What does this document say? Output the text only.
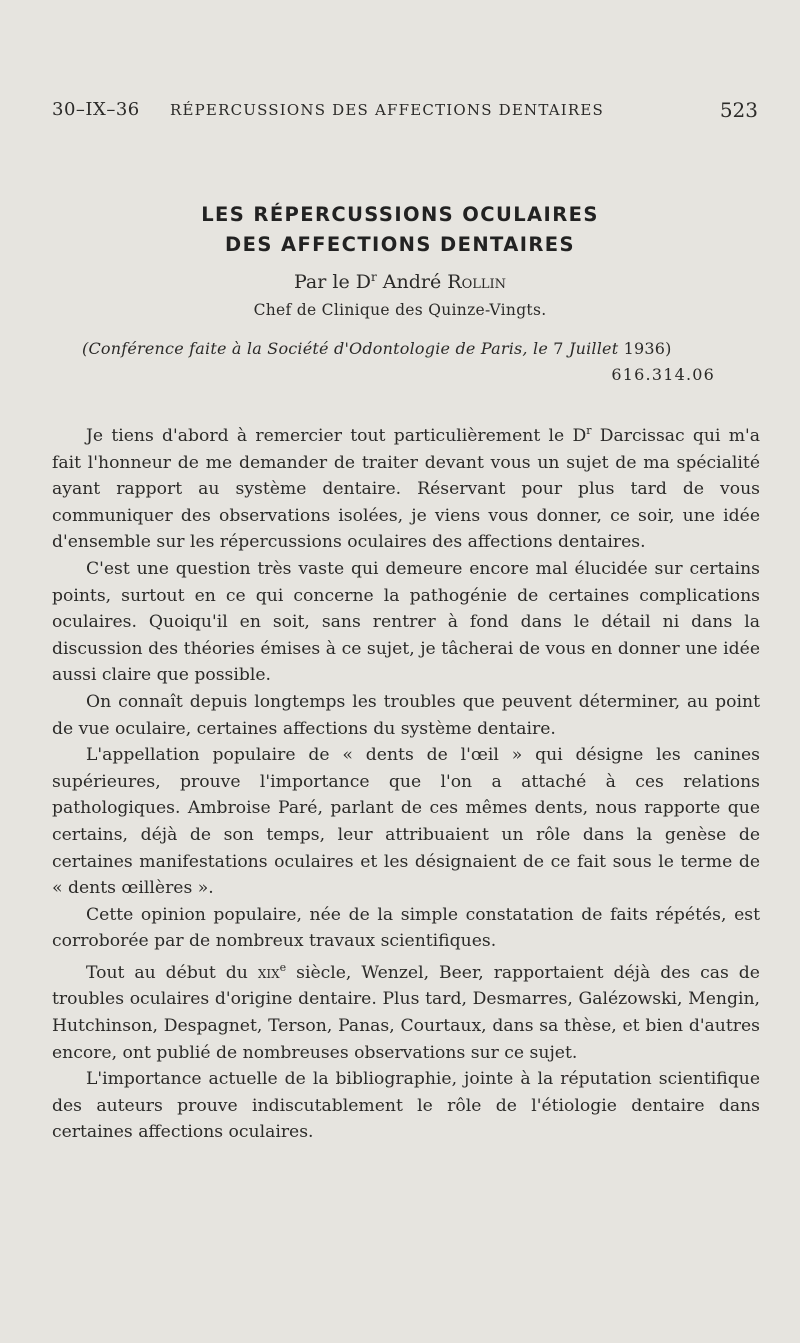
30–IX–36 RÉPERCUSSIONS DES AFFECTIONS DENTAIRES	523
LES RÉPERCUSSIONS OCULAIRES
DES AFFECTIONS DENTAIRES
Par le $D^r$ André Rollin
Chef de Clinique des Quinze-Vingts.
(Conférence faite à la Société d'Odontologie de Paris, le 7 Juillet 1936)
616.314.06

Je tiens d'abord à remercier tout particulièrement le $D^r$ Darcissac qui m'a fait l'honneur de me demander de traiter devant vous un sujet de ma spécialité ayant rapport au système dentaire. Réservant pour plus tard de vous communiquer des observations isolées, je viens vous donner, ce soir, une idée d'ensemble sur les répercussions oculaires des affections dentaires.

C'est une question très vaste qui demeure encore mal élucidée sur certains points, surtout en ce qui concerne la pathogénie de certaines complications oculaires. Quoiqu'il en soit, sans rentrer à fond dans le détail ni dans la discussion des théories émises à ce sujet, je tâcherai de vous en donner une idée aussi claire que possible.

On connaît depuis longtemps les troubles que peuvent déterminer, au point de vue oculaire, certaines affections du système dentaire.

L'appellation populaire de « dents de l'œil » qui désigne les canines supérieures, prouve l'importance que l'on a attaché à ces relations pathologiques. Ambroise Paré, parlant de ces mêmes dents, nous rapporte que certains, déjà de son temps, leur attribuaient un rôle dans la genèse de certaines manifestations oculaires et les désignaient de ce fait sous le terme de « dents œillères ».

Cette opinion populaire, née de la simple constatation de faits répétés, est corroborée par de nombreux travaux scientifiques.

Tout au début du xix$^e$ siècle, Wenzel, Beer, rapportaient déjà des cas de troubles oculaires d'origine dentaire. Plus tard, Desmarres, Galézowski, Mengin, Hutchinson, Despagnet, Terson, Panas, Courtaux, dans sa thèse, et bien d'autres encore, ont publié de nombreuses observations sur ce sujet.

L'importance actuelle de la bibliographie, jointe à la réputation scientifique des auteurs prouve indiscutablement le rôle de l'étiologie dentaire dans certaines affections oculaires.
